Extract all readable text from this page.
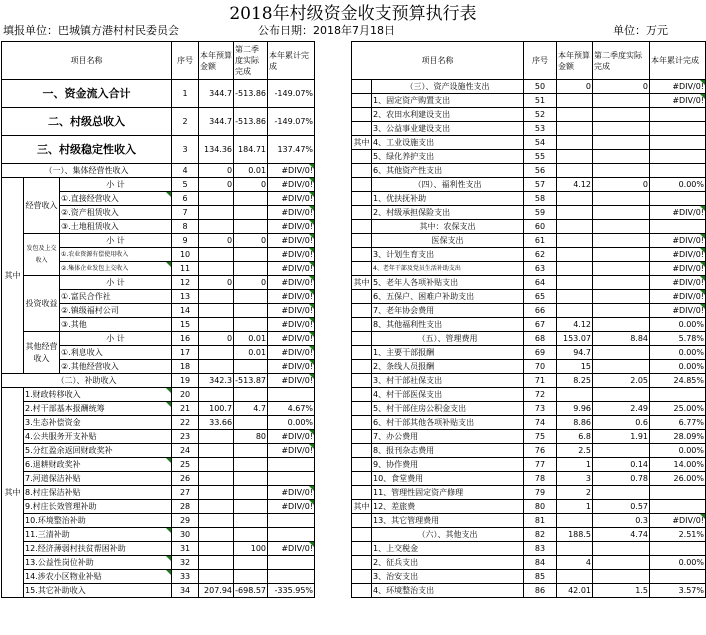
2018年村级资金收支预算执行表
填报单位：巴城镇方港村村民委员会	公布日期：2018年7月18日	单位：万元
项目名称			序号	本年预算金额	第二季度实际完成	本年累计完成
一、资金流入合计			1	344.7	-513.86	-149.07%
二、村级总收入			2	344.7	-513.86	-149.07%
三、村级稳定性收入			3	134.36	184.71	137.47%
（一）、集体经营性收入			4	0	0.01	#DIV/0!
其中	经营收入	小 计	5	0	0	#DIV/0!
		①.直接经营收入	6			#DIV/0!
		②.资产租赁收入	7			#DIV/0!
		③.土地租赁收入	8			#DIV/0!
	发包及上交收入	小 计	9	0	0	#DIV/0!
		①.农业资源有偿使用收入	10			#DIV/0!
		②.集体企业发包上交收入	11			#DIV/0!
	投资收益	小 计	12	0	0	#DIV/0!
		①.富民合作社	13			#DIV/0!
		②.镇级福村公司	14			#DIV/0!
		③.其他	15			#DIV/0!
	其他经营收入	小 计	16	0	0.01	#DIV/0!
		①.利息收入	17		0.01	#DIV/0!
		②.其他经营收入	18			#DIV/0!
（二）、补助收入			19	342.3	-513.87	#DIV/0!
其中	1.财政转移收入		20			
	2.村干部基本报酬统筹		21	100.7	4.7	4.67%
	3.生态补偿资金		22	33.66		0.00%
	4.公共服务开支补贴		23		80	#DIV/0!
	5.分红盈余返回财政奖补		24			#DIV/0!
	6.退耕财政奖补		25			
	7.河道保洁补贴		26			
	8.村庄保洁补贴		27			#DIV/0!
	9.村庄长效管理补助		28			#DIV/0!
	10.环境整治补助		29			
	11.三清补助		30			
	12.经济薄弱村扶贫帮困补助		31		100	#DIV/0!
	13.公益性岗位补助		32			
	14.涉农小区物业补贴		33			
	15.其它补助收入		34	207.94	-698.57	-335.95%
项目名称		序号	本年预算金额	第二季度实际完成	本年累计完成
	（三）、资产设施性支出	50	0	0	#DIV/0!
	1、固定资产购置支出	51			#DIV/0!
	2、农田水利建设支出	52			
	3、公益事业建设支出	53			
其中	4、工业设施支出	54			
	5、绿化养护支出	55			
	6、其他资产性支出	56			
	（四）、福利性支出	57	4.12	0	0.00%
	1、优扶抚补助	58			
	2、村级承担保险支出	59			#DIV/0!
	其中：农保支出	60			
	医保支出	61			#DIV/0!
	3、计划生育支出	62			#DIV/0!
	4、老年干部及党员生活补助支出	63			#DIV/0!
其中	5、老年人各项补贴支出	64			#DIV/0!
	6、五保户、困难户补助支出	65			#DIV/0!
	7、老年协会费用	66			#DIV/0!
	8、其他福利性支出	67	4.12		0.00%
	（五）、管理费用	68	153.07	8.84	5.78%
	1、主要干部报酬	69	94.7		0.00%
	2、条线人员报酬	70	15		0.00%
	3、村干部社保支出	71	8.25	2.05	24.85%
	4、村干部医保支出	72			
	5、村干部住房公积金支出	73	9.96	2.49	25.00%
	6、村干部其他各项补贴支出	74	8.86	0.6	6.77%
	7、办公费用	75	6.8	1.91	28.09%
	8、报刊杂志费用	76	2.5		0.00%
	9、协作费用	77	1	0.14	14.00%
	10、食堂费用	78	3	0.78	26.00%
	11、管理性固定资产修理	79	2		
其中	12、差旅费	80	1	0.57	
	13、其它管理费用	81		0.3	#DIV/0!
	（六）、其他支出	82	188.5	4.74	2.51%
	1、上交税金	83			
	2、征兵支出	84	4		0.00%
	3、治安支出	85			
	4、环境整治支出	86	42.01	1.5	3.57%
